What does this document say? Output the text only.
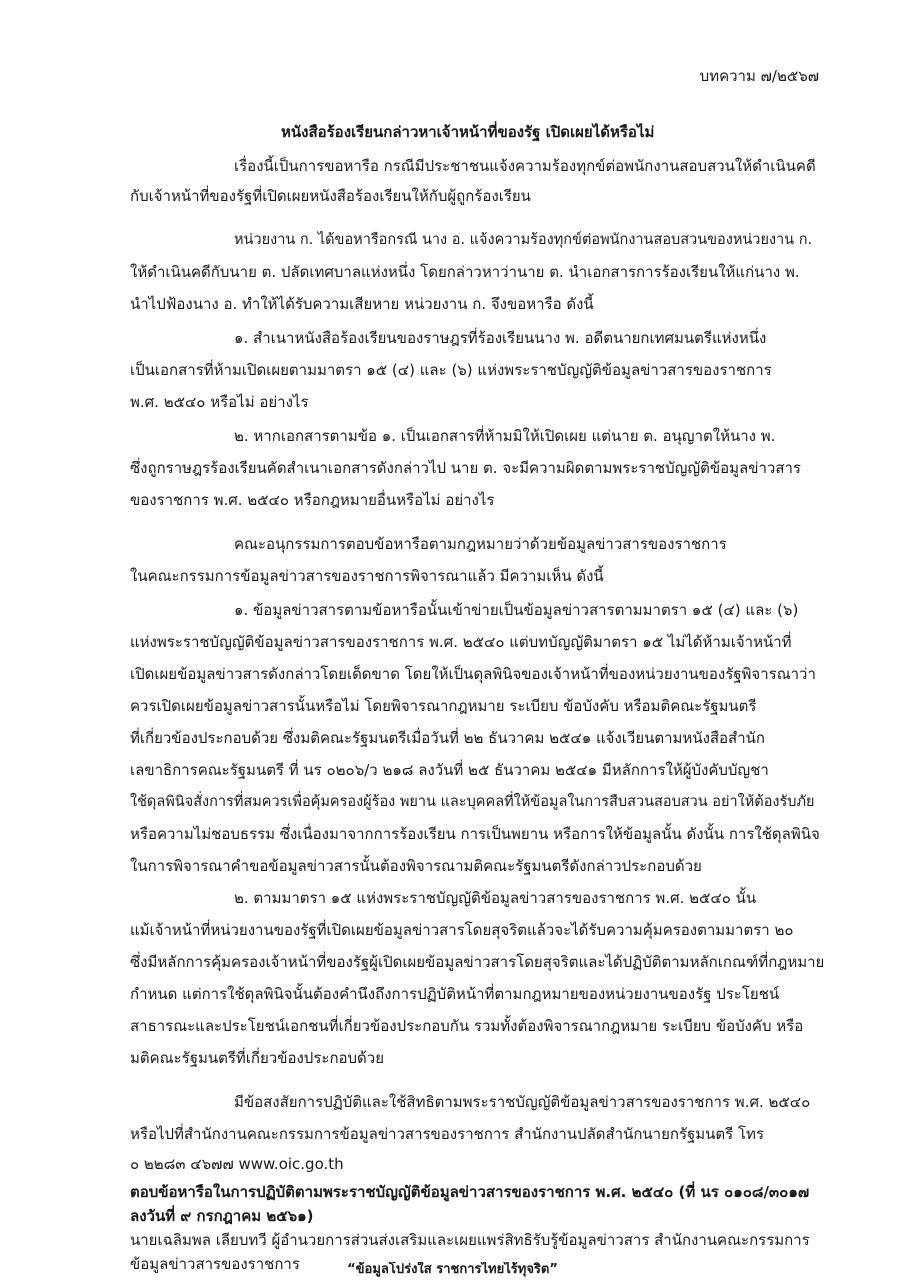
บทความ ๗/๒๕๖๗
หนังสือร้องเรียนกล่าวหาเจ้าหน้าที่ของรัฐ เปิดเผยได้หรือไม่
เรื่องนี้เป็นการขอหารือ กรณีมีประชาชนแจ้งความร้องทุกข์ต่อพนักงานสอบสวนให้ดำเนินคดี
กับเจ้าหน้าที่ของรัฐที่เปิดเผยหนังสือร้องเรียนให้กับผู้ถูกร้องเรียน
หน่วยงาน ก. ได้ขอหารือกรณี นาง อ. แจ้งความร้องทุกข์ต่อพนักงานสอบสวนของหน่วยงาน ก.
ให้ดำเนินคดีกับนาย ต. ปลัดเทศบาลแห่งหนึ่ง โดยกล่าวหาว่านาย ต. นำเอกสารการร้องเรียนให้แก่นาง พ.
นำไปฟ้องนาง อ. ทำให้ได้รับความเสียหาย หน่วยงาน ก. จึงขอหารือ ดังนี้
๑. สำเนาหนังสือร้องเรียนของราษฎรที่ร้องเรียนนาง พ. อดีตนายกเทศมนตรีแห่งหนึ่ง
เป็นเอกสารที่ห้ามเปิดเผยตามมาตรา ๑๕ (๔) และ (๖) แห่งพระราชบัญญัติข้อมูลข่าวสารของราชการ
พ.ศ. ๒๕๔๐ หรือไม่ อย่างไร
๒. หากเอกสารตามข้อ ๑. เป็นเอกสารที่ห้ามมิให้เปิดเผย แต่นาย ต. อนุญาตให้นาง พ.
ซึ่งถูกราษฎรร้องเรียนคัดสำเนาเอกสารดังกล่าวไป นาย ต. จะมีความผิดตามพระราชบัญญัติข้อมูลข่าวสาร
ของราชการ พ.ศ. ๒๕๔๐ หรือกฎหมายอื่นหรือไม่ อย่างไร
คณะอนุกรรมการตอบข้อหารือตามกฎหมายว่าด้วยข้อมูลข่าวสารของราชการ
ในคณะกรรมการข้อมูลข่าวสารของราชการพิจารณาแล้ว มีความเห็น ดังนี้
๑. ข้อมูลข่าวสารตามข้อหารือนั้นเข้าข่ายเป็นข้อมูลข่าวสารตามมาตรา ๑๕ (๔) และ (๖)
แห่งพระราชบัญญัติข้อมูลข่าวสารของราชการ พ.ศ. ๒๕๔๐ แต่บทบัญญัติมาตรา ๑๕ ไม่ได้ห้ามเจ้าหน้าที่
เปิดเผยข้อมูลข่าวสารดังกล่าวโดยเด็ดขาด โดยให้เป็นดุลพินิจของเจ้าหน้าที่ของหน่วยงานของรัฐพิจารณาว่า
ควรเปิดเผยข้อมูลข่าวสารนั้นหรือไม่ โดยพิจารณากฎหมาย ระเบียบ ข้อบังคับ หรือมติคณะรัฐมนตรี
ที่เกี่ยวข้องประกอบด้วย ซึ่งมติคณะรัฐมนตรีเมื่อวันที่ ๒๒ ธันวาคม ๒๕๔๑ แจ้งเวียนตามหนังสือสำนัก
เลขาธิการคณะรัฐมนตรี ที่ นร ๐๒๐๖/ว ๒๑๘ ลงวันที่ ๒๕ ธันวาคม ๒๕๔๑ มีหลักการให้ผู้บังคับบัญชา
ใช้ดุลพินิจสั่งการที่สมควรเพื่อคุ้มครองผู้ร้อง พยาน และบุคคลที่ให้ข้อมูลในการสืบสวนสอบสวน อย่าให้ต้องรับภัย
หรือความไม่ชอบธรรม ซึ่งเนื่องมาจากการร้องเรียน การเป็นพยาน หรือการให้ข้อมูลนั้น ดังนั้น การใช้ดุลพินิจ
ในการพิจารณาคำขอข้อมูลข่าวสารนั้นต้องพิจารณามติคณะรัฐมนตรีดังกล่าวประกอบด้วย
๒. ตามมาตรา ๑๕ แห่งพระราชบัญญัติข้อมูลข่าวสารของราชการ พ.ศ. ๒๕๔๐ นั้น
แม้เจ้าหน้าที่หน่วยงานของรัฐที่เปิดเผยข้อมูลข่าวสารโดยสุจริตแล้วจะได้รับความคุ้มครองตามมาตรา ๒๐
ซึ่งมีหลักการคุ้มครองเจ้าหน้าที่ของรัฐผู้เปิดเผยข้อมูลข่าวสารโดยสุจริตและได้ปฏิบัติตามหลักเกณฑ์ที่กฎหมาย
กำหนด แต่การใช้ดุลพินิจนั้นต้องคำนึงถึงการปฏิบัติหน้าที่ตามกฎหมายของหน่วยงานของรัฐ ประโยชน์
สาธารณะและประโยชน์เอกชนที่เกี่ยวข้องประกอบกัน รวมทั้งต้องพิจารณากฎหมาย ระเบียบ ข้อบังคับ หรือ
มติคณะรัฐมนตรีที่เกี่ยวข้องประกอบด้วย
มีข้อสงสัยการปฏิบัติและใช้สิทธิตามพระราชบัญญัติข้อมูลข่าวสารของราชการ พ.ศ. ๒๕๔๐
หรือไปที่สำนักงานคณะกรรมการข้อมูลข่าวสารของราชการ สำนักงานปลัดสำนักนายกรัฐมนตรี โทร
๐ ๒๒๘๓ ๔๖๗๗ www.oic.go.th
ตอบข้อหารือในการปฏิบัติตามพระราชบัญญัติข้อมูลข่าวสารของราชการ พ.ศ. ๒๕๔๐ (ที่ นร ๐๑๐๘/๓๐๑๗
ลงวันที่ ๙ กรกฎาคม ๒๕๖๑)
นายเฉลิมพล เลียบทวี ผู้อำนวยการส่วนส่งเสริมและเผยแพร่สิทธิรับรู้ข้อมูลข่าวสาร สำนักงานคณะกรรมการ
ข้อมูลข่าวสารของราชการ	“ข้อมูลโปร่งใส ราชการไทยไร้ทุจริต”
